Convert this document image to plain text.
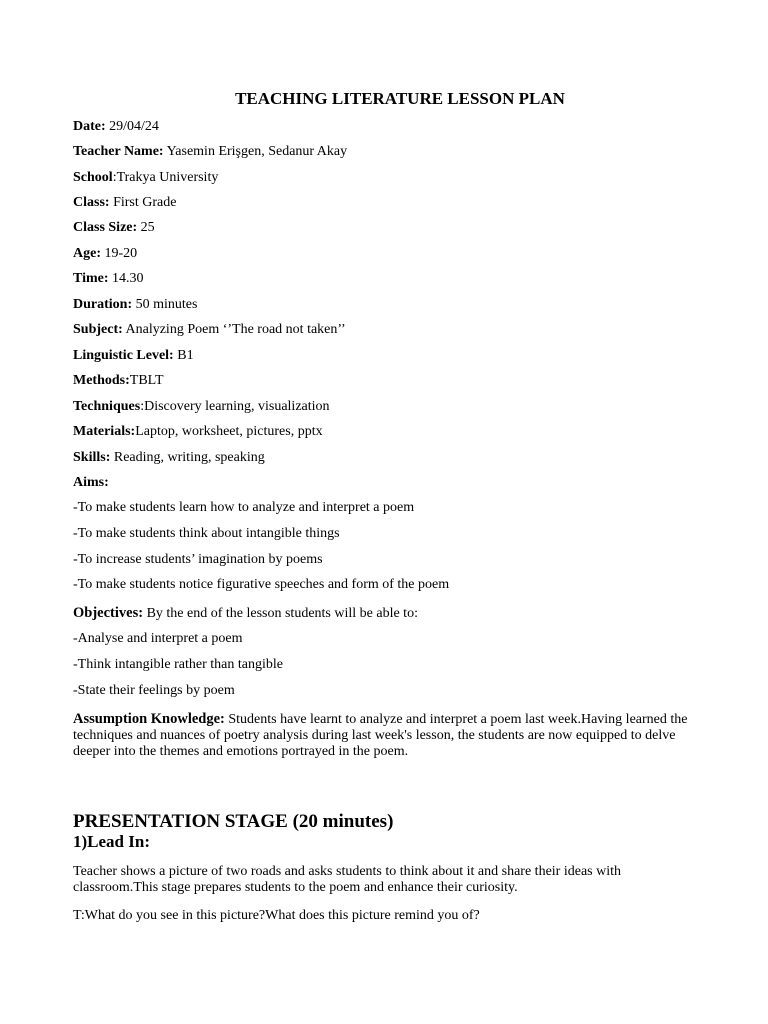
TEACHING LITERATURE LESSON PLAN
Date: 29/04/24
Teacher Name: Yasemin Erişgen, Sedanur Akay
School:Trakya University
Class: First Grade
Class Size: 25
Age: 19-20
Time: 14.30
Duration: 50 minutes
Subject: Analyzing Poem ‘’The road not taken’’
Linguistic Level: B1
Methods:TBLT
Techniques:Discovery learning, visualization
Materials:Laptop, worksheet, pictures, pptx
Skills: Reading, writing, speaking
Aims:
-To make students learn how to analyze and interpret a poem
-To make students think about intangible things
-To increase students’ imagination by poems
-To make students notice figurative speeches and form of the poem
Objectives: By the end of the lesson students will be able to:
-Analyse and interpret a poem
-Think intangible rather than tangible
-State their feelings by poem
Assumption Knowledge: Students have learnt to analyze and interpret a poem last week.Having learned the techniques and nuances of poetry analysis during last week's lesson, the students are now equipped to delve deeper into the themes and emotions portrayed in the poem.
PRESENTATION STAGE (20 minutes)
1)Lead In:
Teacher shows a picture of two roads and asks students to think about it and share their ideas with classroom.This stage prepares students to the poem and enhance their curiosity.
T:What do you see in this picture?What does this picture remind you of?
